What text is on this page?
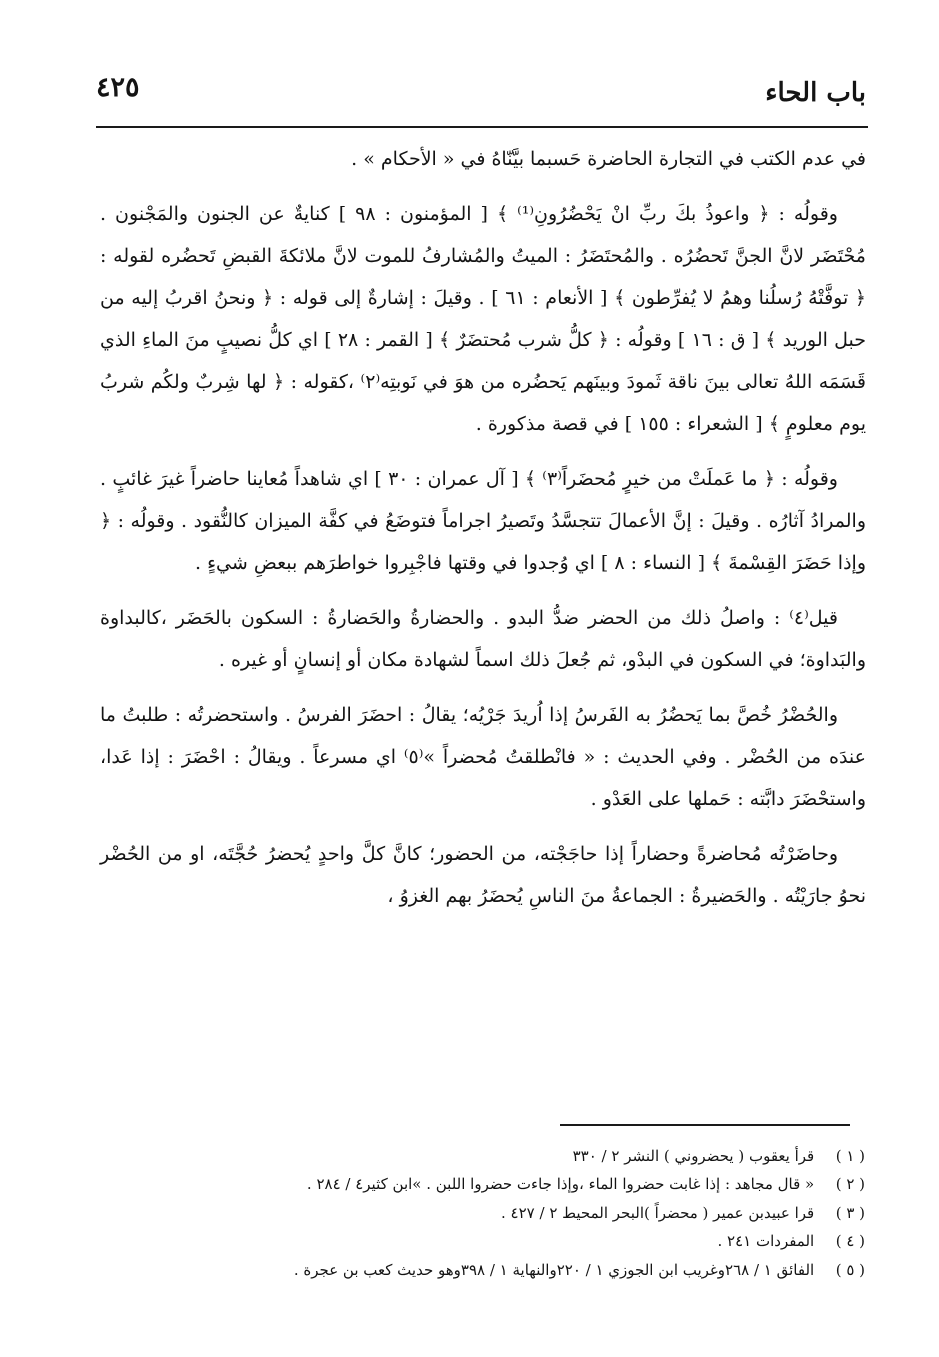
باب الحاء
٤٢٥

في عدم الكتب في التجارة الحاضرة حَسبما بيَّنّاهُ في « الأحكام » .

وقولُه : ﴿ واعوذُ بكَ ربِّ انْ يَحْضُرُونِ⁽¹⁾ ﴾ [ المؤمنون : ٩٨ ] كنايةٌ عن الجنون والمَجْنون . مُحْتَضَر لانَّ الجنَّ تَحضُرُه . والمُحتَضَرُ : الميتُ والمُشارفُ للموت لانَّ ملائكةَ القبضِ تَحضُره لقوله : ﴿ توفَّتْهُ رُسلُنا وهمُ لا يُفرِّطون ﴾ [ الأنعام : ٦١ ] . وقيلَ : إشارةٌ إلى قوله : ﴿ ونحنُ اقربُ إليه من حبل الوريد ﴾ [ ق : ١٦ ] وقولُه : ﴿ كلُّ شرب مُحتضَرٌ ﴾ [ القمر : ٢٨ ] اي كلُّ نصيبٍ منَ الماءِ الذي قَسَمَه اللهُ تعالى بينَ ناقة ثَمودَ وبينَهم يَحضُره من هوَ في نَوبتِه⁽٢⁾ ،كقوله : ﴿ لها شِربٌ ولكُم شربُ يوم معلومٍ ﴾ [ الشعراء : ١٥٥ ] في قصة مذكورة .

وقولُه : ﴿ ما عَملَتْ من خيرٍ مُحضَراً⁽٣⁾ ﴾ [ آل عمران : ٣٠ ] اي شاهداً مُعاينا حاضراً غيرَ غائبٍ . والمرادُ آثارُه . وقيلَ : إنَّ الأعمالَ تتجسَّدُ وتَصيرُ اجراماً فتوضَعُ في كفَّة الميزان كالنُّقود . وقولُه : ﴿ وإذا حَضَرَ القِسْمةَ ﴾ [ النساء : ٨ ] اي وُجدوا في وقتها فاجْبِروا خواطرَهم ببعضِ شيءٍ .

قيل⁽٤⁾ : واصلُ ذلك من الحضر ضدُّ البدو . والحضارةُ والحَضارةُ : السكون بالحَضَر ،كالبداوة والبَداوة؛ في السكون في البدْو، ثم جُعلَ ذلك اسماً لشهادة مكان أو إنسانٍ أو غيره .

والحُضْرُ خُصَّ بما يَحضُرُ به الفَرسُ إذا اُريدَ جَرْيُه؛ يقالُ : احضَرَ الفرسُ . واستحضرتُه : طلبتُ ما عندَه من الحُضْر . وفي الحديث : « فانْطلقتُ مُحضراً »⁽٥⁾ اي مسرعاً . ويقالُ : احْضَرَ : إذا عَدا، واستحْضَرَ دابَّته : حَملها على العَدْو .

وحاضَرْتُه مُحاضرةً وحضاراً إذا حاجَجْته، من الحضور؛ كانَّ كلَّ واحدٍ يُحضرُ حُجَّتَه، او من الحُضْر نحوُ جارَيْتُه . والحَضيرةُ : الجماعةُ منَ الناسِ يُحضَرُ بهم الغزوُ ،

( ١ ) قرأ يعقوب ( يحضروني ) النشر ٢ / ٣٣٠
( ٢ ) « قال مجاهد : إذا غابت حضروا الماء ،وإذا جاءت حضروا اللبن . »ابن كثير٤ / ٢٨٤ .
( ٣ ) قرا عبيدبن عمير ( محضراً )البحر المحيط ٢ / ٤٢٧ .
( ٤ ) المفردات ٢٤١ .
( ٥ ) الفائق ١ / ٢٦٨وغريب ابن الجوزي ١ / ٢٢٠والنهاية ١ / ٣٩٨وهو حديث كعب بن عجرة .
